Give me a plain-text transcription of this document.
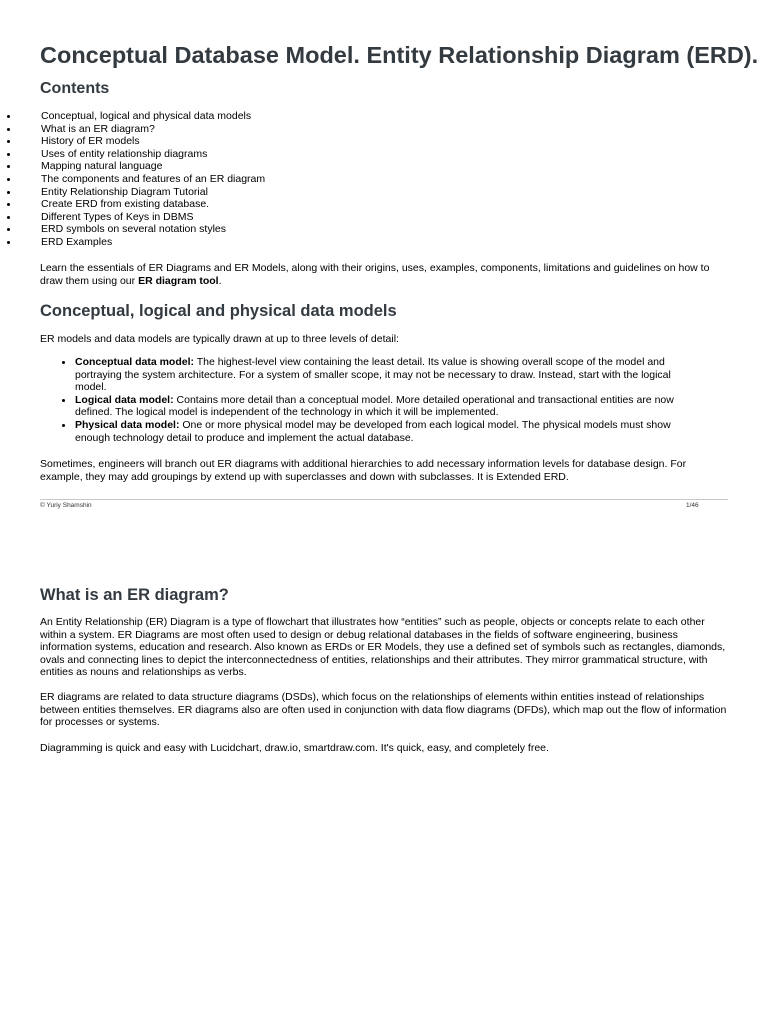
Conceptual Database Model. Entity Relationship Diagram (ERD).
Contents
Conceptual, logical and physical data models
What is an ER diagram?
History of ER models
Uses of entity relationship diagrams
Mapping natural language
The components and features of an ER diagram
Entity Relationship Diagram Tutorial
Create ERD from existing database.
Different Types of Keys in DBMS
ERD symbols on several notation styles
ERD Examples

Learn the essentials of ER Diagrams and ER Models, along with their origins, uses, examples, components, limitations and guidelines on how to draw them using our ER diagram tool.

Conceptual, logical and physical data models

ER models and data models are typically drawn at up to three levels of detail:

Conceptual data model: The highest-level view containing the least detail. Its value is showing overall scope of the model and portraying the system architecture. For a system of smaller scope, it may not be necessary to draw. Instead, start with the logical model.
Logical data model: Contains more detail than a conceptual model. More detailed operational and transactional entities are now defined. The logical model is independent of the technology in which it will be implemented.
Physical data model: One or more physical model may be developed from each logical model. The physical models must show enough technology detail to produce and implement the actual database.

Sometimes, engineers will branch out ER diagrams with additional hierarchies to add necessary information levels for database design. For example, they may add groupings by extend up with superclasses and down with subclasses. It is Extended ERD.

© Yuriy Shamshin	1/46
What is an ER diagram?

An Entity Relationship (ER) Diagram is a type of flowchart that illustrates how “entities” such as people, objects or concepts relate to each other within a system. ER Diagrams are most often used to design or debug relational databases in the fields of software engineering, business information systems, education and research. Also known as ERDs or ER Models, they use a defined set of symbols such as rectangles, diamonds, ovals and connecting lines to depict the interconnectedness of entities, relationships and their attributes. They mirror grammatical structure, with entities as nouns and relationships as verbs.

ER diagrams are related to data structure diagrams (DSDs), which focus on the relationships of elements within entities instead of relationships between entities themselves. ER diagrams also are often used in conjunction with data flow diagrams (DFDs), which map out the flow of information for processes or systems.

Diagramming is quick and easy with Lucidchart, draw.io, smartdraw.com. It's quick, easy, and completely free.
